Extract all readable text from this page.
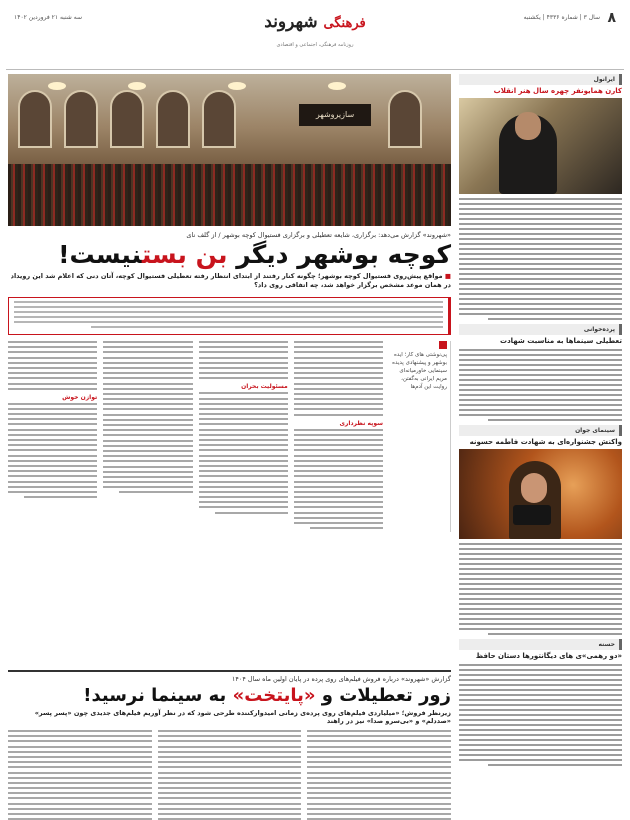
۸
سال ۳ | شماره ۴۳۳۶ | یکشنبه
فرهنگی شهروند
روزنامه فرهنگی، اجتماعی و اقتصادی
سه شنبه ۲۱ فروردین ۱۴۰۲
ایرانول
کارن همایونفر چهره سال هنر انقلاب
پرده‌خوانی
تعطیلی سینماها به مناسبت شهادت
سینمای جوان
واکنش جشنواره‌ای به شهادت فاطمه حسونه
حسنه
«دو رهمی»ی های دیگانتورها دستان حافظ
سازیروشهر
«شهروند» ‌گزارش می‌دهد: برگزاری، شایعه تعطیلی و برگزاری فستیوال کوچه بوشهر / از گلف نای
کوچه بوشهر دیگر بن بستنیست!
■ مواقع پیش‌روی فستیوال کوچه بوشهر؛ چگونه کنار رفتند از ابتدای انتظار رفته تعطیلی فستیوال کوچه، آتان دنی که اعلام شد این رویداد در همان موعد مشخص برگزار خواهد شد، چه اتفاقی روی داد؟
پی‌نوشتی های کار؛ ایده بوشهر و پیشنهادی پدیده سینمایی خاورمیانه‌ای مریم ایرانی به‌گفتن، روایت این آدم‌ها
سوپه نظرداری
مسئولیت بحران
توازن خوش
گزارش «شهروند» درباره فروش فیلم‌های روی پرده در پایان اولین ماه سال ۱۴۰۴
زور تعطیلات و «پایتخت» به سینما نرسید!
زیرنظر فروش؛ «میلیاردی فیلم‌های روی پرده‌ی زمانی امیدوارکننده طرحی شود که در نظر آوریم فیلم‌های جدیدی چون «پسر پسر» «صددلم» و «بی‌سرو صدا» نیز در راهند
